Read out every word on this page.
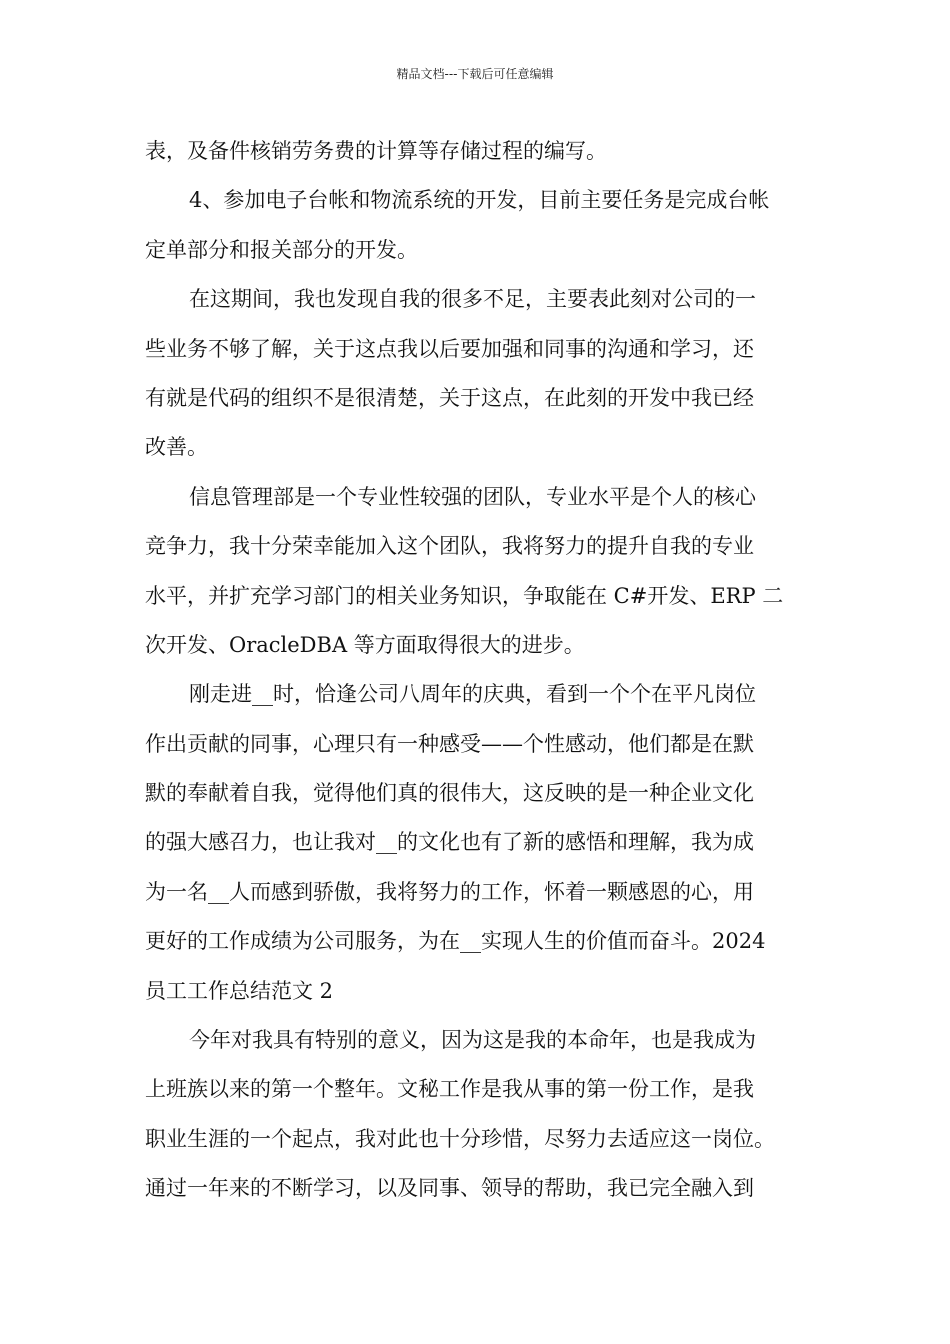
精品文档---下载后可任意编辑
表，及备件核销劳务费的计算等存储过程的编写。
4、参加电子台帐和物流系统的开发，目前主要任务是完成台帐
定单部分和报关部分的开发。
在这期间，我也发现自我的很多不足，主要表此刻对公司的一
些业务不够了解，关于这点我以后要加强和同事的沟通和学习，还
有就是代码的组织不是很清楚，关于这点，在此刻的开发中我已经
改善。
信息管理部是一个专业性较强的团队，专业水平是个人的核心
竞争力，我十分荣幸能加入这个团队，我将努力的提升自我的专业
水平，并扩充学习部门的相关业务知识，争取能在 C#开发、ERP 二
次开发、OracleDBA 等方面取得很大的进步。
刚走进__时，恰逢公司八周年的庆典，看到一个个在平凡岗位
作出贡献的同事，心理只有一种感受——个性感动，他们都是在默
默的奉献着自我，觉得他们真的很伟大，这反映的是一种企业文化
的强大感召力，也让我对__的文化也有了新的感悟和理解，我为成
为一名__人而感到骄傲，我将努力的工作，怀着一颗感恩的心，用
更好的工作成绩为公司服务，为在__实现人生的价值而奋斗。2024
员工工作总结范文 2
今年对我具有特别的意义，因为这是我的本命年，也是我成为
上班族以来的第一个整年。文秘工作是我从事的第一份工作，是我
职业生涯的一个起点，我对此也十分珍惜，尽努力去适应这一岗位。
通过一年来的不断学习，以及同事、领导的帮助，我已完全融入到
